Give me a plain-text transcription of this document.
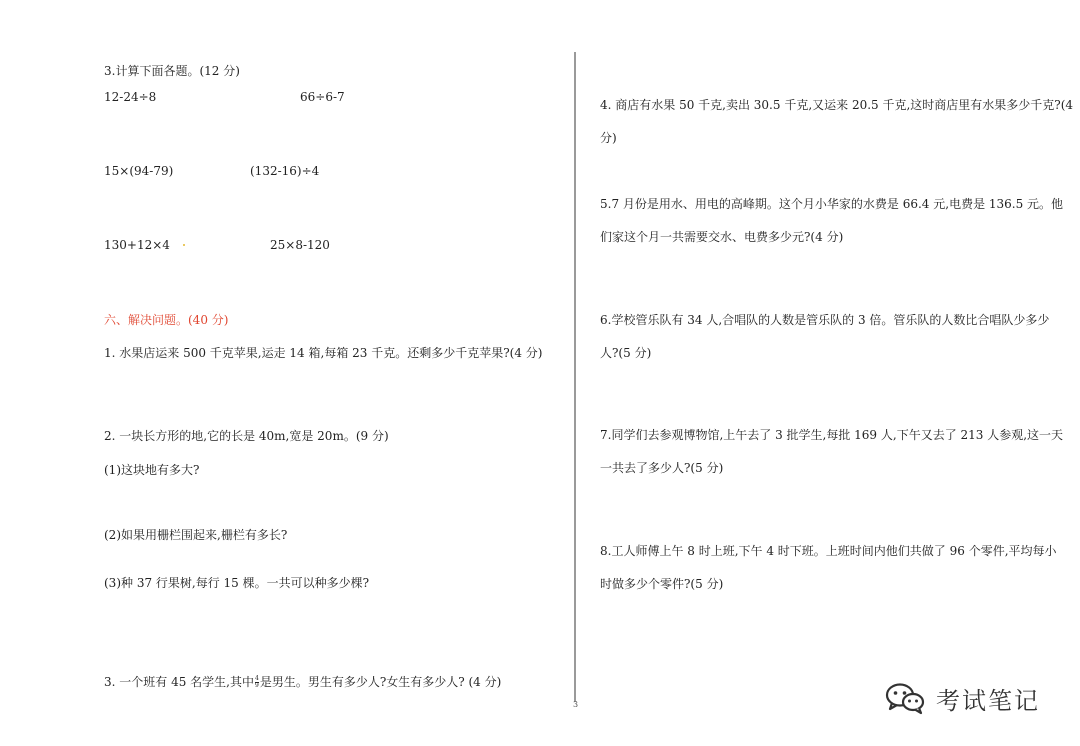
3.计算下面各题。(12 分)
12-24÷8	66÷6-7
15×(94-79)	(132-16)÷4
130+12×4	25×8-120
六、解决问题。(40 分)
1. 水果店运来 500 千克苹果,运走 14 箱,每箱 23 千克。还剩多少千克苹果?(4 分)
2. 一块长方形的地,它的长是 40m,宽是 20m。(9 分)
(1)这块地有多大?
(2)如果用栅栏围起来,栅栏有多长?
(3)种 37 行果树,每行 15 棵。一共可以种多少棵?
3. 一个班有 45 名学生,其中 $\frac{4}{9}$ 是男生。男生有多少人?女生有多少人? (4 分)
3
4. 商店有水果 50 千克,卖出 30.5 千克,又运来 20.5 千克,这时商店里有水果多少千克?(4
分)
5.7 月份是用水、用电的高峰期。这个月小华家的水费是 66.4 元,电费是 136.5 元。他
们家这个月一共需要交水、电费多少元?(4 分)
6.学校管乐队有 34 人,合唱队的人数是管乐队的 3 倍。管乐队的人数比合唱队少多少
人?(5 分)
7.同学们去参观博物馆,上午去了 3 批学生,每批 169 人,下午又去了 213 人参观,这一天
一共去了多少人?(5 分)
8.工人师傅上午 8 时上班,下午 4 时下班。上班时间内他们共做了 96 个零件,平均每小
时做多少个零件?(5 分)
考试笔记
